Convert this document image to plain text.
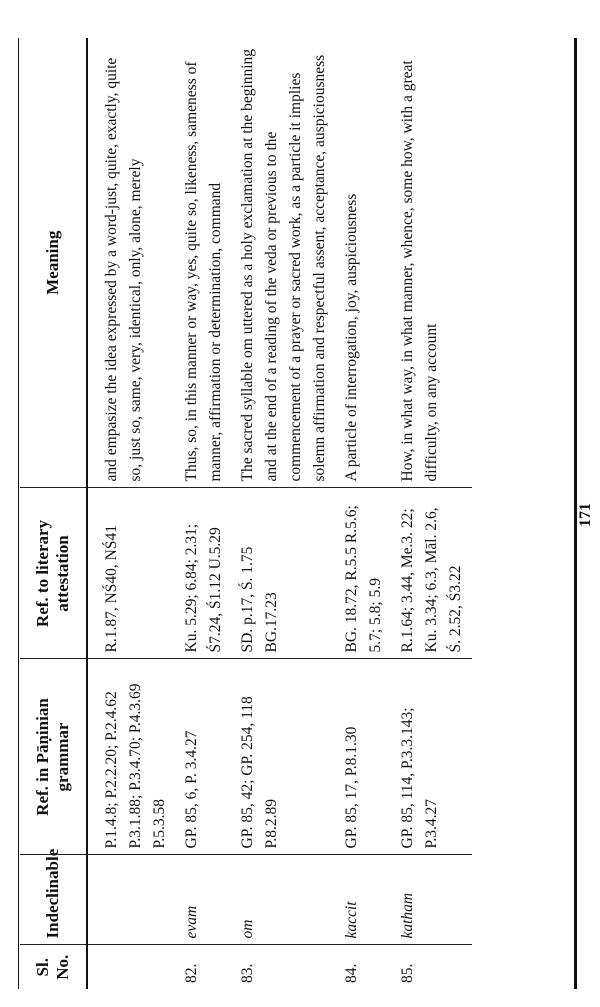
Sl. No.	Indeclinable	Ref. in Pāṇinian grammar	Ref. to literary attestation	Meaning

		P.1.4.8; P.2.2.20; P.2.4.62 P.3.1.88; P.3.4.70; P.4.3.69 P.5.3.58	R.1.87, NŚ40, NŚ41	and empasize the idea expressed by a word-just, quite, exactly, quite so, just so, same, very, identical, only, alone, merely
82.	evam	GP. 85, 6, P. 3.4.27	Ku. 5.29; 6.84; 2.31; Ś7.24, Ś1.12 U.5.29	Thus, so, in this manner or way, yes, quite so, likeness, sameness of manner, affirmation or determination, command
83.	om	GP. 85, 42; GP. 254, 118 P.8.2.89	SD. p.17, Ś. 1.75 BG.17.23	The sacred syllable om uttered as a holy exclamation at the beginning and at the end of a reading of the veda or previous to the commencement of a prayer or sacred work, as a particle it implies solemn affirmation and respectful assent, acceptance, auspiciousness
84.	kaccit	GP. 85, 17, P.8.1.30	BG. 18.72, R.5.5 R.5.6; 5.7; 5.8; 5.9	A particle of interrogation, joy, auspiciousness
85.	katham	GP. 85, 114, P.3.3.143; P.3.4.27	R.1.64; 3.44, Me.3. 22; Ku. 3.34; 6.3, Māl. 2.6, Ś. 2.52, Ś3.22	How, in what way, in what manner, whence, some how, with a great difficulty, on any account
171
